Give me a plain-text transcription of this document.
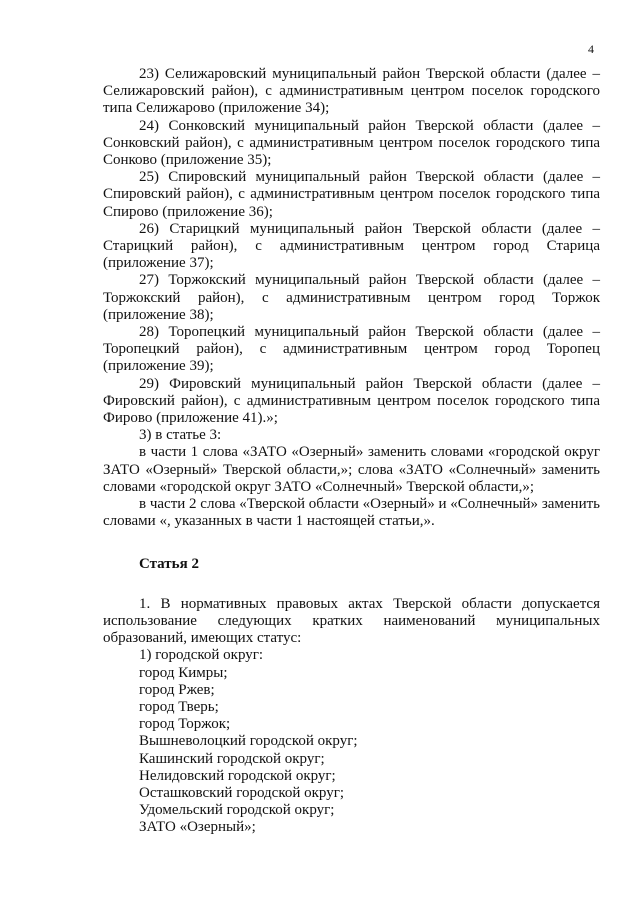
4

23) Селижаровский муниципальный район Тверской области (далее – Селижаровский район), с административным центром поселок городского типа Селижарово (приложение 34);

24) Сонковский муниципальный район Тверской области (далее – Сонковский район), с административным центром поселок городского типа Сонково (приложение 35);

25) Спировский муниципальный район Тверской области (далее – Спировский район), с административным центром поселок городского типа Спирово (приложение 36);

26) Старицкий муниципальный район Тверской области (далее – Старицкий район), с административным центром город Старица (приложение 37);

27) Торжокский муниципальный район Тверской области (далее – Торжокский район), с административным центром город Торжок (приложение 38);

28) Торопецкий муниципальный район Тверской области (далее – Торопецкий район), с административным центром город Торопец (приложение 39);

29) Фировский муниципальный район Тверской области (далее – Фировский район), с административным центром поселок городского типа Фирово (приложение 41).»;

3) в статье 3:

в части 1 слова «ЗАТО «Озерный» заменить словами «городской округ ЗАТО «Озерный» Тверской области,»; слова «ЗАТО «Солнечный» заменить словами «городской округ ЗАТО «Солнечный» Тверской области,»;

в части 2 слова «Тверской области «Озерный» и «Солнечный» заменить словами «, указанных в части 1 настоящей статьи,».

Статья 2

1. В нормативных правовых актах Тверской области допускается использование следующих кратких наименований муниципальных образований, имеющих статус:

1) городской округ:
город Кимры;
город Ржев;
город Тверь;
город Торжок;
Вышневолоцкий городской округ;
Кашинский городской округ;
Нелидовский городской округ;
Осташковский городской округ;
Удомельский городской округ;
ЗАТО «Озерный»;
